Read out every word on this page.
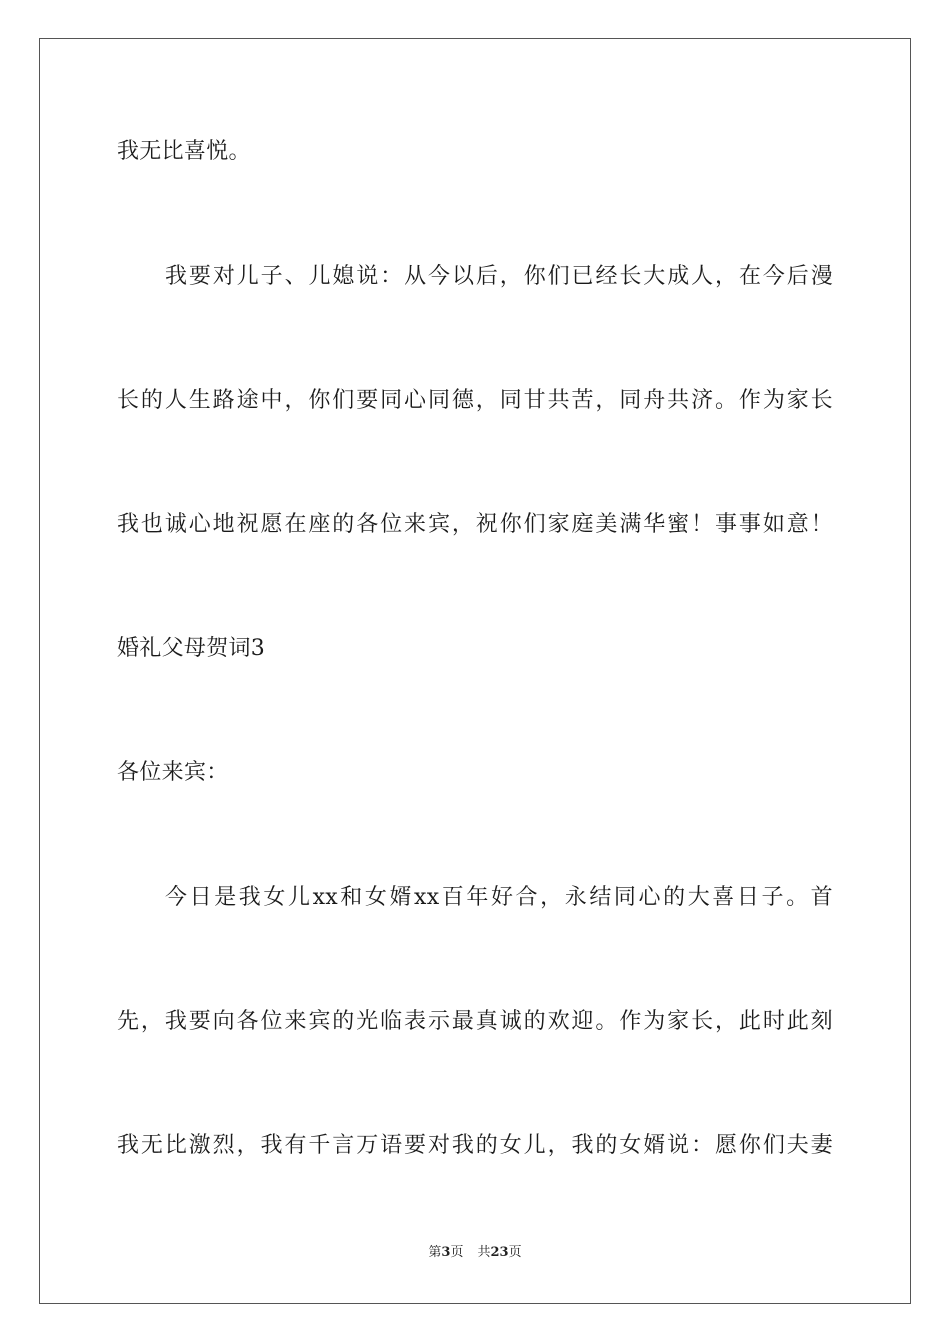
我无比喜悦。
我要对儿子、儿媳说：从今以后，你们已经长大成人，在今后漫
长的人生路途中，你们要同心同德，同甘共苦，同舟共济。作为家长
我也诚心地祝愿在座的各位来宾，祝你们家庭美满华蜜！事事如意！
婚礼父母贺词3
各位来宾：
今日是我女儿xx和女婿xx百年好合，永结同心的大喜日子。首
先，我要向各位来宾的光临表示最真诚的欢迎。作为家长，此时此刻
我无比激烈，我有千言万语要对我的女儿，我的女婿说：愿你们夫妻
第3页 共23页
